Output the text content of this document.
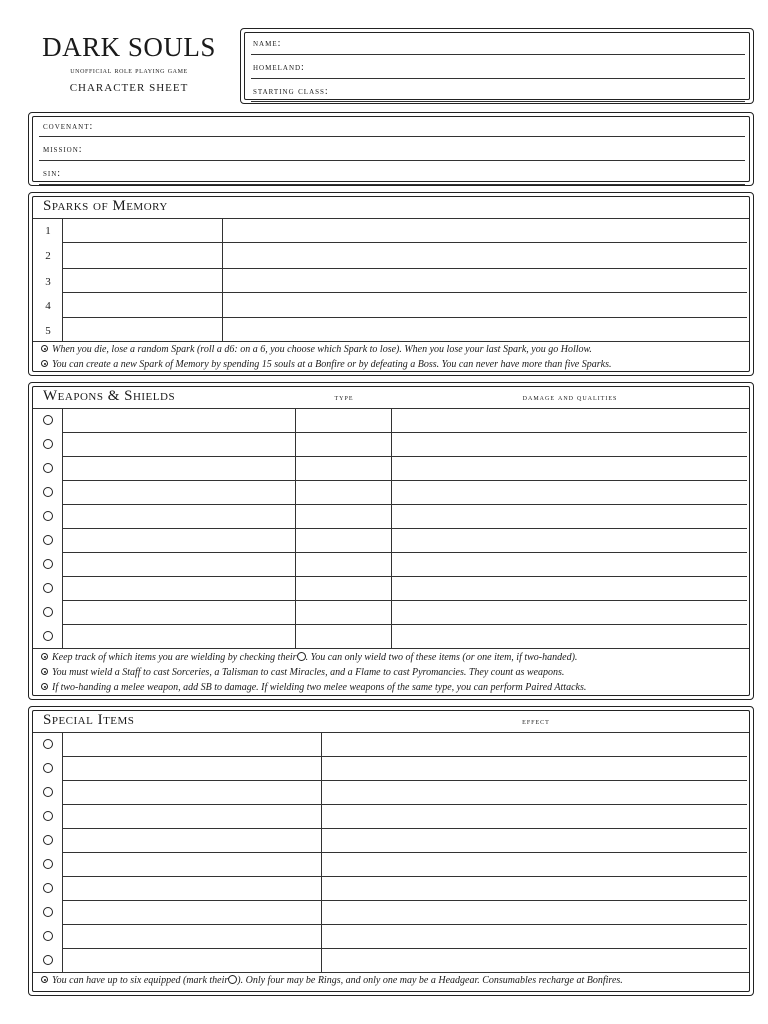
DARK SOULS
unofficial role playing game
CHARACTER SHEET
name:
homeland:
starting class:
covenant:
mission:
sin:
Sparks of Memory
1
2
3
4
5
When you die, lose a random Spark (roll a d6: on a 6, you choose which Spark to lose). When you lose your last Spark, you go Hollow.
You can create a new Spark of Memory by spending 15 souls at a Bonfire or by defeating a Boss. You can never have more than five Sparks.
Weapons & Shields	type	damage and qualities
Keep track of which items you are wielding by checking their . You can only wield two of these items (or one item, if two-handed).
You must wield a Staff to cast Sorceries, a Talisman to cast Miracles, and a Flame to cast Pyromancies. They count as weapons.
If two-handing a melee weapon, add SB to damage. If wielding two melee weapons of the same type, you can perform Paired Attacks.
Special Items	effect
You can have up to six equipped (mark their ). Only four may be Rings, and only one may be a Headgear. Consumables recharge at Bonfires.
